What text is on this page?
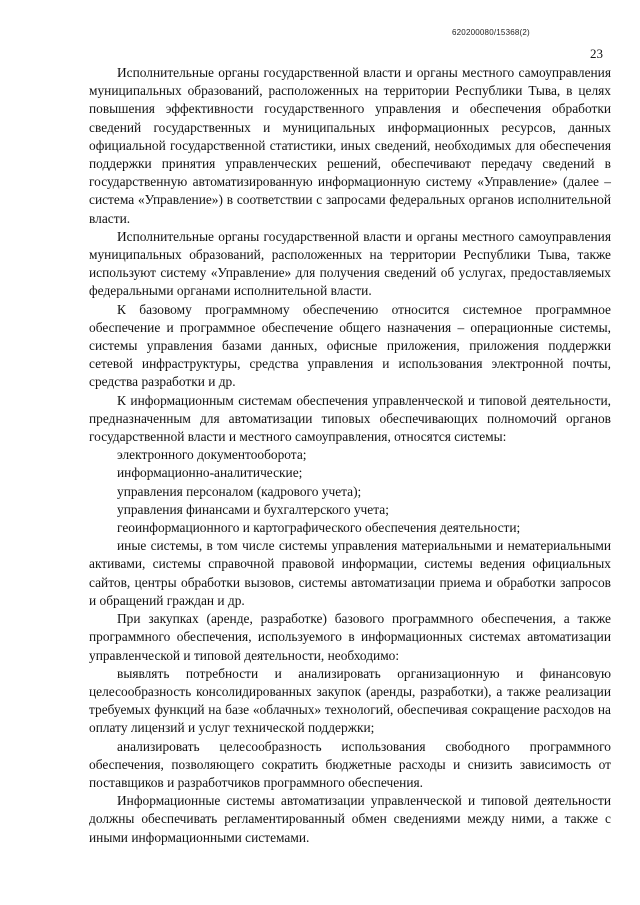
620200080/15368(2)
23

Исполнительные органы государственной власти и органы местного самоуправления муниципальных образований, расположенных на территории Республики Тыва, в целях повышения эффективности государственного управления и обеспечения обработки сведений государственных и муниципальных информационных ресурсов, данных официальной государственной статистики, иных сведений, необходимых для обеспечения поддержки принятия управленческих решений, обеспечивают передачу сведений в государственную автоматизированную информационную систему «Управление» (далее – система «Управление») в соответствии с запросами федеральных органов исполнительной власти.

Исполнительные органы государственной власти и органы местного самоуправления муниципальных образований, расположенных на территории Республики Тыва, также используют систему «Управление» для получения сведений об услугах, предоставляемых федеральными органами исполнительной власти.

К базовому программному обеспечению относится системное программное обеспечение и программное обеспечение общего назначения – операционные системы, системы управления базами данных, офисные приложения, приложения поддержки сетевой инфраструктуры, средства управления и использования электронной почты, средства разработки и др.

К информационным системам обеспечения управленческой и типовой деятельности, предназначенным для автоматизации типовых обеспечивающих полномочий органов государственной власти и местного самоуправления, относятся системы:

электронного документооборота;

информационно-аналитические;

управления персоналом (кадрового учета);

управления финансами и бухгалтерского учета;

геоинформационного и картографического обеспечения деятельности;

иные системы, в том числе системы управления материальными и нематериальными активами, системы справочной правовой информации, системы ведения официальных сайтов, центры обработки вызовов, системы автоматизации приема и обработки запросов и обращений граждан и др.

При закупках (аренде, разработке) базового программного обеспечения, а также программного обеспечения, используемого в информационных системах автоматизации управленческой и типовой деятельности, необходимо:

выявлять потребности и анализировать организационную и финансовую целесообразность консолидированных закупок (аренды, разработки), а также реализации требуемых функций на базе «облачных» технологий, обеспечивая сокращение расходов на оплату лицензий и услуг технической поддержки;

анализировать целесообразность использования свободного программного обеспечения, позволяющего сократить бюджетные расходы и снизить зависимость от поставщиков и разработчиков программного обеспечения.

Информационные системы автоматизации управленческой и типовой деятельности должны обеспечивать регламентированный обмен сведениями между ними, а также с иными информационными системами.
